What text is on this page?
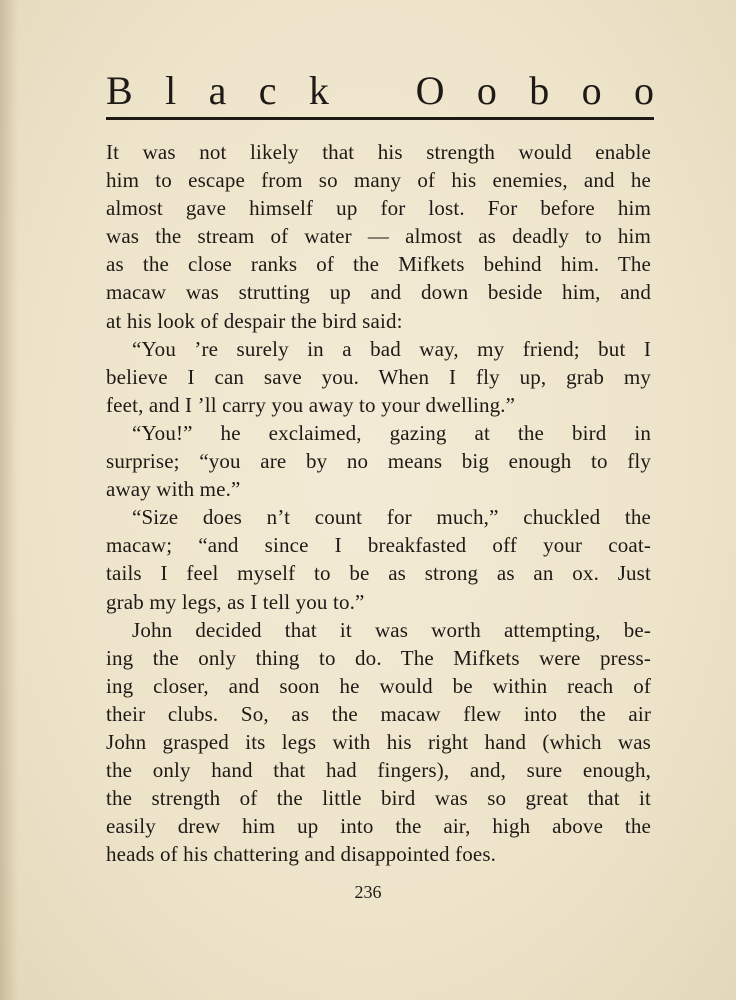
B l a c k O o b o o
It was not likely that his strength would enable
him to escape from so many of his enemies, and he
almost gave himself up for lost. For before him
was the stream of water — almost as deadly to him
as the close ranks of the Mifkets behind him. The
macaw was strutting up and down beside him, and
at his look of despair the bird said:
“You ’re surely in a bad way, my friend; but I
believe I can save you. When I fly up, grab my
feet, and I ’ll carry you away to your dwelling.”
“You!” he exclaimed, gazing at the bird in
surprise; “you are by no means big enough to fly
away with me.”
“Size does n’t count for much,” chuckled the
macaw; “and since I breakfasted off your coat-
tails I feel myself to be as strong as an ox. Just
grab my legs, as I tell you to.”
John decided that it was worth attempting, be-
ing the only thing to do. The Mifkets were press-
ing closer, and soon he would be within reach of
their clubs. So, as the macaw flew into the air
John grasped its legs with his right hand (which was
the only hand that had fingers), and, sure enough,
the strength of the little bird was so great that it
easily drew him up into the air, high above the
heads of his chattering and disappointed foes.
236
